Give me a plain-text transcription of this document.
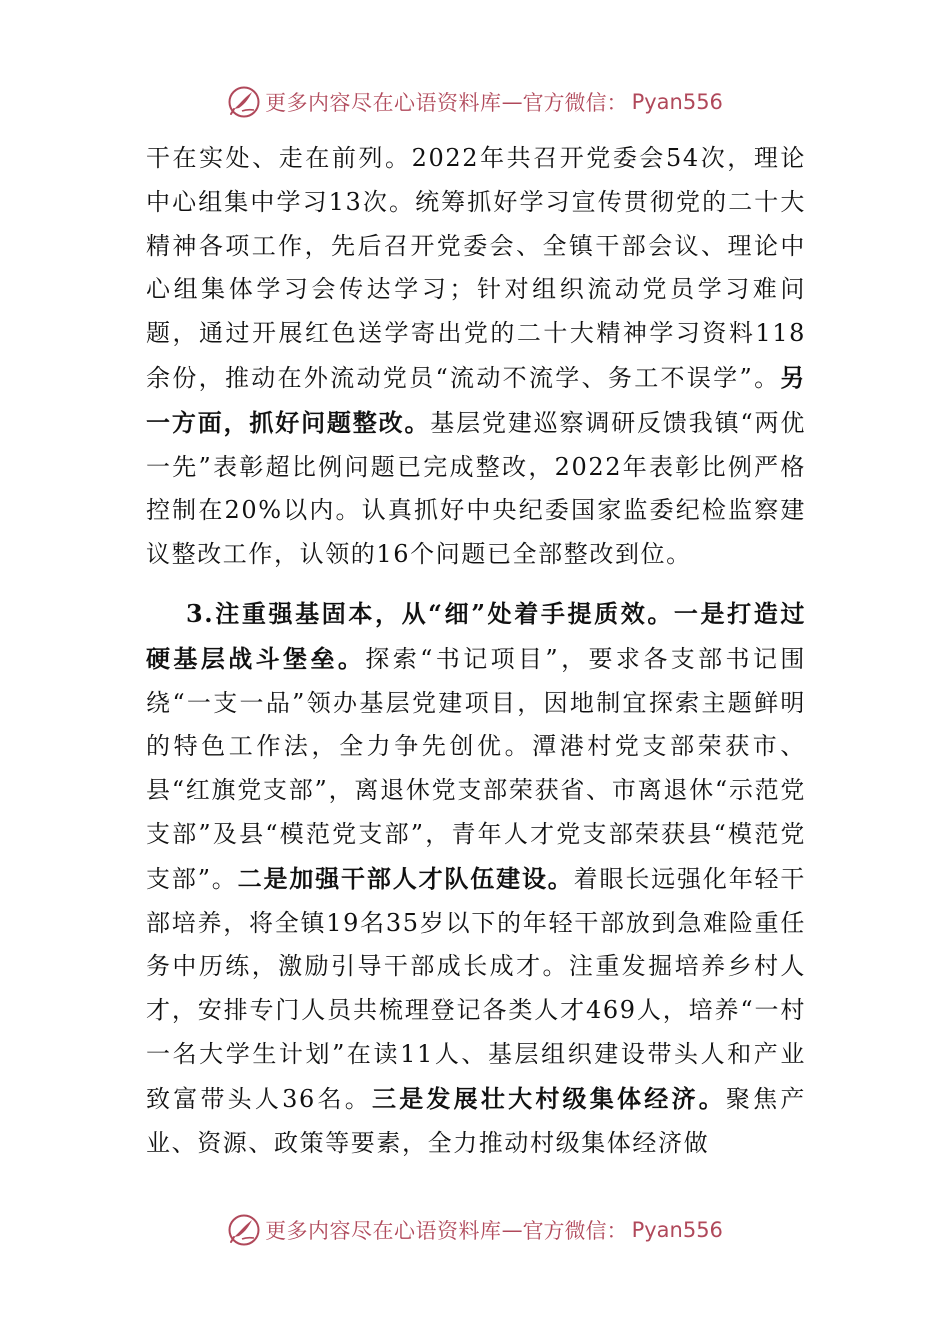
更多内容尽在心语资料库 — 官方微信： Pyan556

干在实处、走在前列。2022年共召开党委会54次，理论中心组集中学习13次。统筹抓好学习宣传贯彻党的二十大精神各项工作，先后召开党委会、全镇干部会议、理论中心组集体学习会传达学习；针对组织流动党员学习难问题，通过开展红色送学寄出党的二十大精神学习资料118余份，推动在外流动党员“流动不流学、务工不误学”。另一方面，抓好问题整改。基层党建巡察调研反馈我镇“两优一先”表彰超比例问题已完成整改，2022年表彰比例严格控制在20%以内。认真抓好中央纪委国家监委纪检监察建议整改工作，认领的16个问题已全部整改到位。

3.注重强基固本，从“细”处着手提质效。一是打造过硬基层战斗堡垒。探索“书记项目”，要求各支部书记围绕“一支一品”领办基层党建项目，因地制宜探索主题鲜明的特色工作法，全力争先创优。潭港村党支部荣获市、县“红旗党支部”，离退休党支部荣获省、市离退休“示范党支部”及县“模范党支部”，青年人才党支部荣获县“模范党支部”。二是加强干部人才队伍建设。着眼长远强化年轻干部培养，将全镇19名35岁以下的年轻干部放到急难险重任务中历练，激励引导干部成长成才。注重发掘培养乡村人才，安排专门人员共梳理登记各类人才469人，培养“一村一名大学生计划”在读11人、基层组织建设带头人和产业致富带头人36名。三是发展壮大村级集体经济。聚焦产业、资源、政策等要素，全力推动村级集体经济做

更多内容尽在心语资料库 — 官方微信： Pyan556
